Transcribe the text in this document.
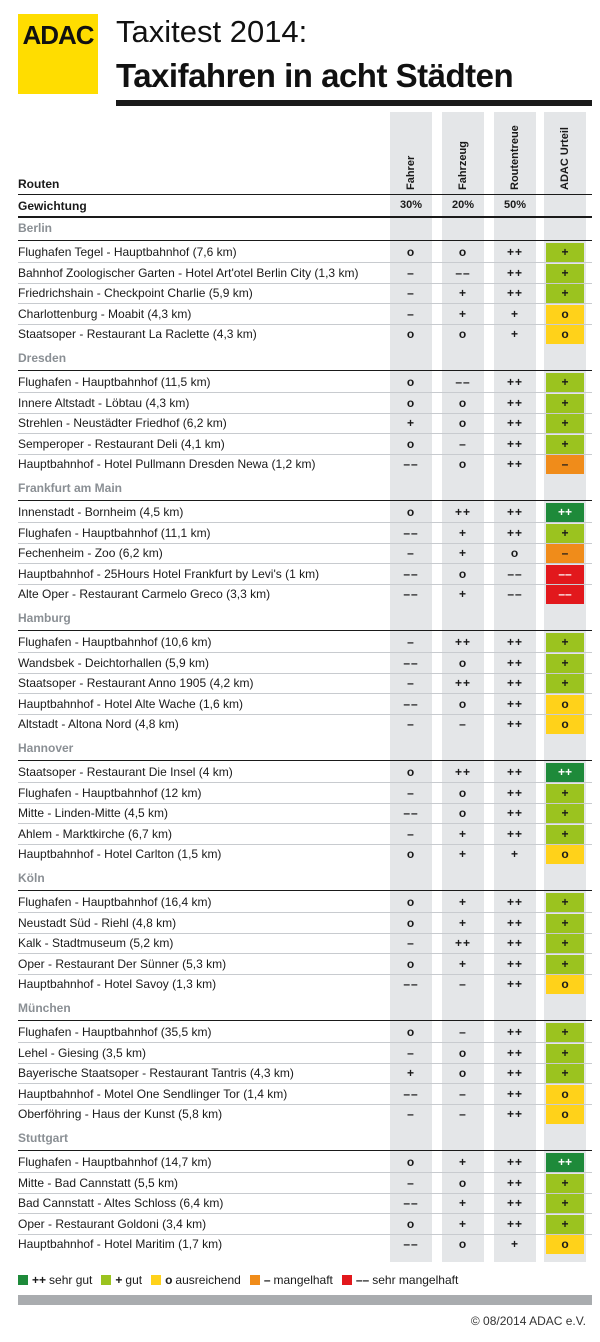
ADAC Taxitest 2014:
Taxifahren in acht Städten
Fahrer	Fahrzeug	Routentreue	ADAC Urteil
Routen
Gewichtung	30%	20%	50%
Berlin
Flughafen Tegel - Hauptbahnhof (7,6 km)	o	o	++	+
Bahnhof Zoologischer Garten - Hotel Art'otel Berlin City (1,3 km)	–	––	++	+
Friedrichshain - Checkpoint Charlie (5,9 km)	–	+	++	+
Charlottenburg - Moabit (4,3 km)	–	+	+	o
Staatsoper - Restaurant La Raclette (4,3 km)	o	o	+	o
Dresden
Flughafen - Hauptbahnhof (11,5 km)	o	––	++	+
Innere Altstadt - Löbtau (4,3 km)	o	o	++	+
Strehlen - Neustädter Friedhof (6,2 km)	+	o	++	+
Semperoper - Restaurant Deli (4,1 km)	o	–	++	+
Hauptbahnhof - Hotel Pullmann Dresden Newa (1,2 km)	––	o	++	–
Frankfurt am Main
Innenstadt - Bornheim (4,5 km)	o	++	++	++
Flughafen - Hauptbahnhof (11,1 km)	––	+	++	+
Fechenheim - Zoo (6,2 km)	–	+	o	–
Hauptbahnhof - 25Hours Hotel Frankfurt by Levi's (1 km)	––	o	––	––
Alte Oper - Restaurant Carmelo Greco (3,3 km)	––	+	––	––
Hamburg
Flughafen - Hauptbahnhof (10,6 km)	–	++	++	+
Wandsbek - Deichtorhallen (5,9 km)	––	o	++	+
Staatsoper - Restaurant Anno 1905 (4,2 km)	–	++	++	+
Hauptbahnhof - Hotel Alte Wache (1,6 km)	––	o	++	o
Altstadt - Altona Nord (4,8 km)	–	–	++	o
Hannover
Staatsoper - Restaurant Die Insel (4 km)	o	++	++	++
Flughafen - Hauptbahnhof (12 km)	–	o	++	+
Mitte - Linden-Mitte (4,5 km)	––	o	++	+
Ahlem - Marktkirche (6,7 km)	–	+	++	+
Hauptbahnhof - Hotel Carlton (1,5 km)	o	+	+	o
Köln
Flughafen - Hauptbahnhof (16,4 km)	o	+	++	+
Neustadt Süd - Riehl (4,8 km)	o	+	++	+
Kalk - Stadtmuseum (5,2 km)	–	++	++	+
Oper - Restaurant Der Sünner (5,3 km)	o	+	++	+
Hauptbahnhof - Hotel Savoy (1,3 km)	––	–	++	o
München
Flughafen - Hauptbahnhof (35,5 km)	o	–	++	+
Lehel - Giesing (3,5 km)	–	o	++	+
Bayerische Staatsoper - Restaurant Tantris (4,3 km)	+	o	++	+
Hauptbahnhof - Motel One Sendlinger Tor (1,4 km)	––	–	++	o
Oberföhring - Haus der Kunst (5,8 km)	–	–	++	o
Stuttgart
Flughafen - Hauptbahnhof (14,7 km)	o	+	++	++
Mitte - Bad Cannstatt (5,5 km)	–	o	++	+
Bad Cannstatt - Altes Schloss (6,4 km)	––	+	++	+
Oper - Restaurant Goldoni (3,4 km)	o	+	++	+
Hauptbahnhof - Hotel Maritim (1,7 km)	––	o	+	o
++ sehr gut + gut o ausreichend – mangelhaft –– sehr mangelhaft
© 08/2014 ADAC e.V.
